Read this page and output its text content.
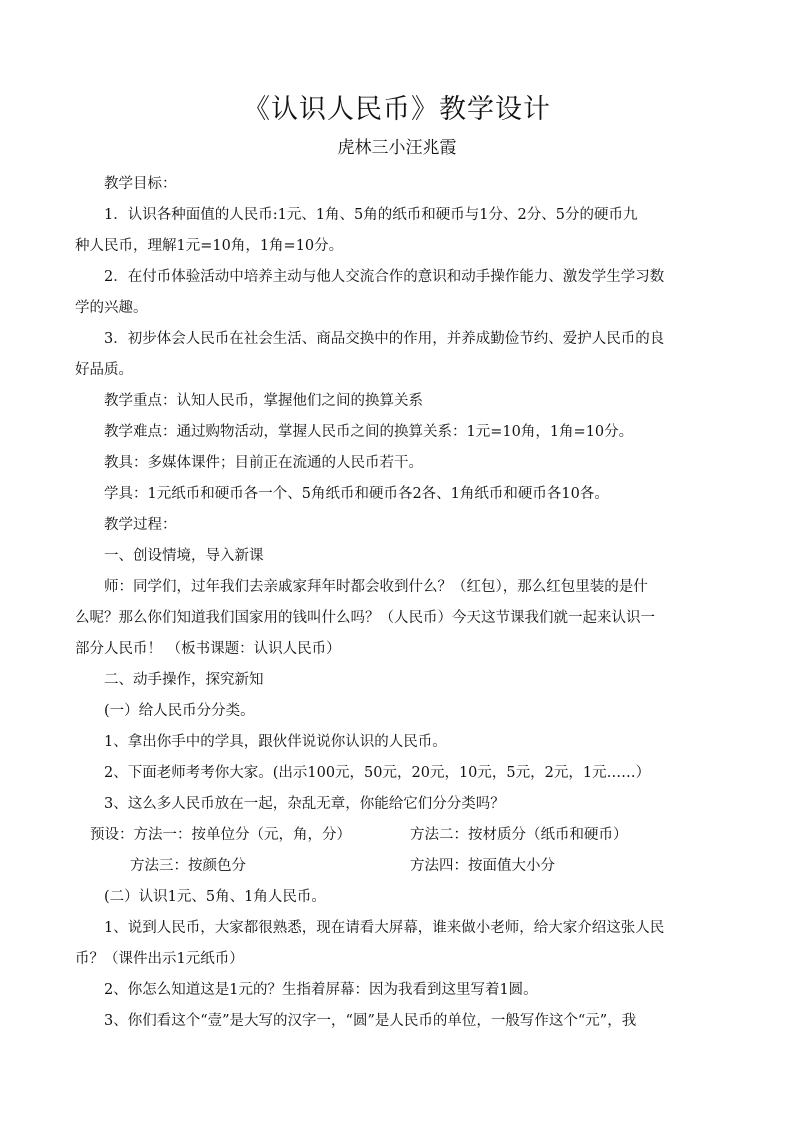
《认识人民币》教学设计
虎林三小汪兆霞

教学目标：

1．认识各种面值的人民币:1元、1角、5角的纸币和硬币与1分、2分、5分的硬币九

种人民币，理解1元=10角，1角=10分。

2．在付币体验活动中培养主动与他人交流合作的意识和动手操作能力、激发学生学习数

学的兴趣。

3．初步体会人民币在社会生活、商品交换中的作用，并养成勤俭节约、爱护人民币的良

好品质。

教学重点：认知人民币，掌握他们之间的换算关系

教学难点：通过购物活动，掌握人民币之间的换算关系：1元=10角，1角=10分。

教具：多媒体课件；目前正在流通的人民币若干。

学具：1元纸币和硬币各一个、5角纸币和硬币各2各、1角纸币和硬币各10各。

教学过程：

一、创设情境，导入新课

师：同学们，过年我们去亲戚家拜年时都会收到什么？（红包），那么红包里装的是什

么呢？那么你们知道我们国家用的钱叫什么吗？（人民币）今天这节课我们就一起来认识一

部分人民币！ （板书课题：认识人民币）

二、动手操作，探究新知

(一）给人民币分分类。

1、拿出你手中的学具，跟伙伴说说你认识的人民币。

2、下面老师考考你大家。(出示100元，50元，20元，10元，5元，2元，1元……）

3、这么多人民币放在一起，杂乱无章，你能给它们分分类吗？

预设：方法一：按单位分（元，角，分）	方法二：按材质分（纸币和硬币）
方法三：按颜色分	方法四：按面值大小分

(二）认识1元、5角、1角人民币。

1、说到人民币，大家都很熟悉，现在请看大屏幕，谁来做小老师，给大家介绍这张人民

币？（课件出示1元纸币）

2、你怎么知道这是1元的？生指着屏幕：因为我看到这里写着1圆。

3、你们看这个“壹”是大写的汉字一，“圆”是人民币的单位，一般写作这个“元”，我
